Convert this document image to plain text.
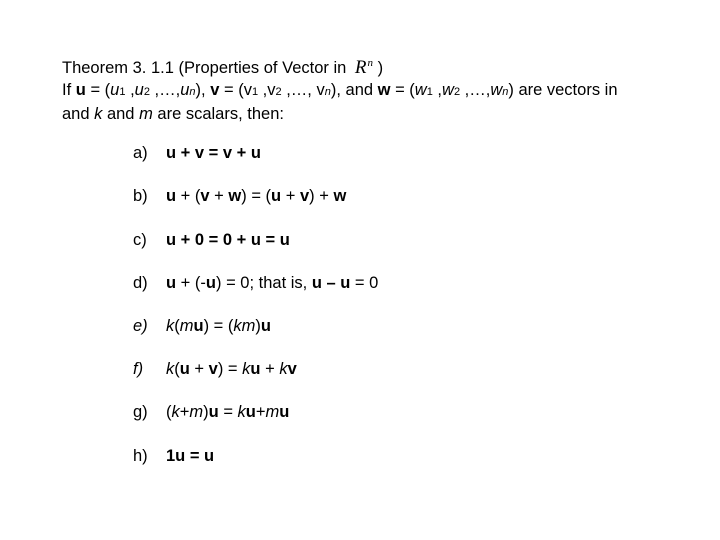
Theorem 3. 1.1 (Properties of Vector in $R^n$ )
If u = (u1 ,u2 ,…,un), v = (v1 ,v2 ,…, vn), and w = (w1 ,w2 ,…,wn) are vectors in
and k and m are scalars, then:
a) u + v = v + u
b) u + (v + w) = (u + v) + w
c) u + 0 = 0 + u = u
d) u + (-u) = 0; that is, u – u = 0
e) k(mu) = (km)u
f) k(u + v) = ku + kv
g) (k+m)u = ku+mu
h) 1u = u
